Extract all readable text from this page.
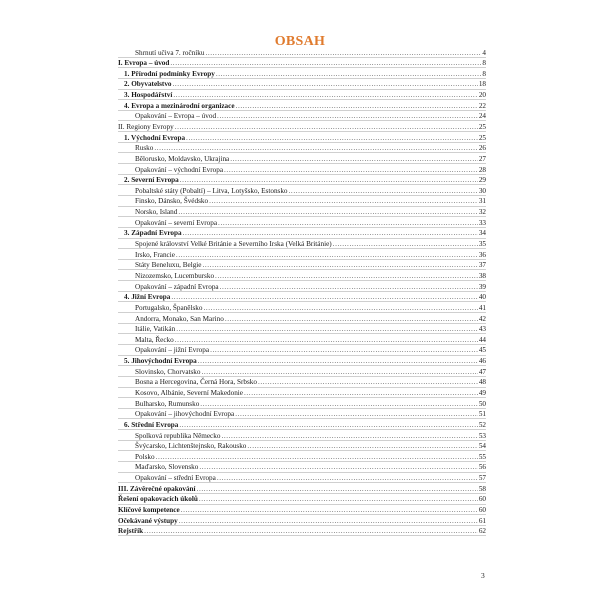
OBSAH
Shrnutí učiva 7. ročníku .....	4
I. Evropa – úvod .....	8
1. Přírodní podmínky Evropy .....	8
2. Obyvatelstvo .....	18
3. Hospodářství .....	20
4. Evropa a mezinárodní organizace .....	22
Opakování – Evropa – úvod .....	24
II. Regiony Evropy .....	25
1. Východní Evropa .....	25
Rusko .....	26
Bělorusko, Moldavsko, Ukrajina .....	27
Opakování – východní Evropa .....	28
2. Severní Evropa .....	29
Pobaltské státy (Pobaltí) – Litva, Lotyšsko, Estonsko .....	30
Finsko, Dánsko, Švédsko .....	31
Norsko, Island .....	32
Opakování – severní Evropa .....	33
3. Západní Evropa .....	34
Spojené království Velké Británie a Severního Irska (Velká Británie) .....	35
Irsko, Francie .....	36
Státy Beneluxu, Belgie .....	37
Nizozemsko, Lucembursko .....	38
Opakování – západní Evropa .....	39
4. Jižní Evropa .....	40
Portugalsko, Španělsko .....	41
Andorra, Monako, San Marino .....	42
Itálie, Vatikán .....	43
Malta, Řecko .....	44
Opakování – jižní Evropa .....	45
5. Jihovýchodní Evropa .....	46
Slovinsko, Chorvatsko .....	47
Bosna a Hercegovina, Černá Hora, Srbsko .....	48
Kosovo, Albánie, Severní Makedonie .....	49
Bulharsko, Rumunsko .....	50
Opakování – jihovýchodní Evropa .....	51
6. Střední Evropa .....	52
Spolková republika Německo .....	53
Švýcarsko, Lichtenštejnsko, Rakousko .....	54
Polsko .....	55
Maďarsko, Slovensko .....	56
Opakování – střední Evropa .....	57
III. Závěrečné opakování .....	58
Řešení opakovacích úkolů .....	60
Klíčové kompetence .....	60
Očekávané výstupy .....	61
Rejstřík .....	62
3
